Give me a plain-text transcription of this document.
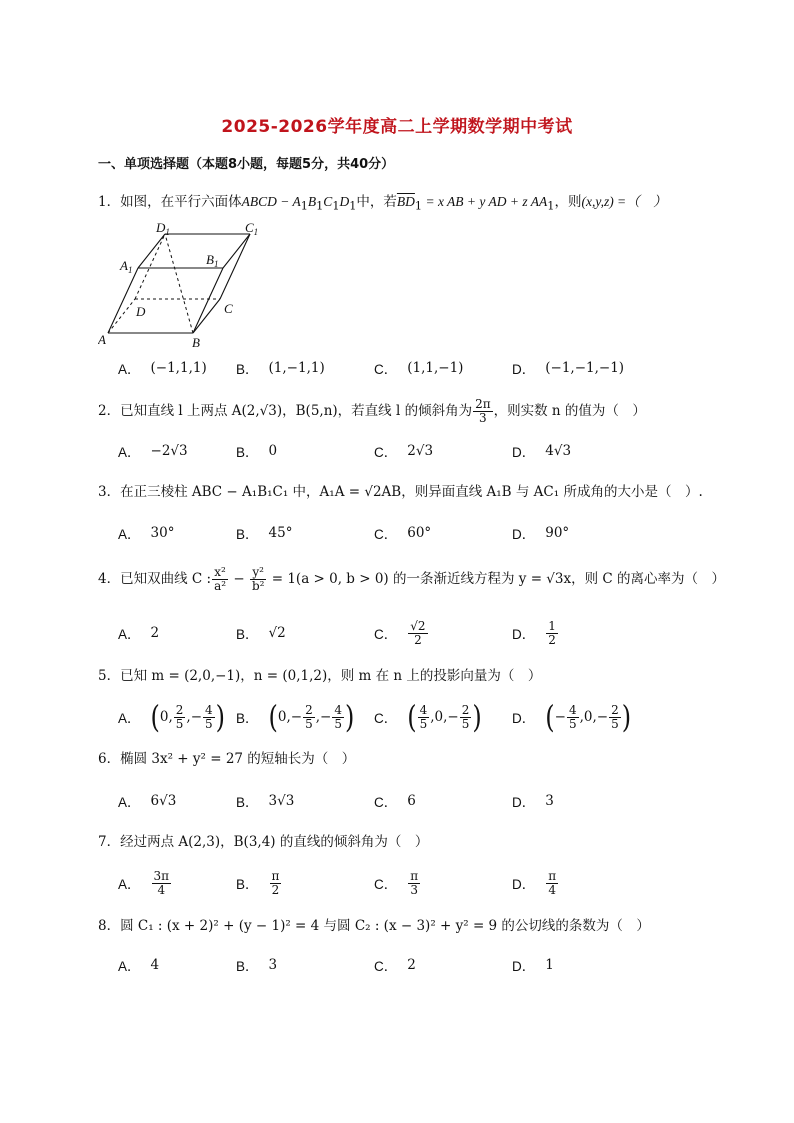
2025-2026学年度高二上学期数学期中考试
一、单项选择题（本题8小题，每题5分，共40分）
1．如图，在平行六面体ABCD − $A_1B_1C_1D_1$中，若$\overline{BD}_1 = x$ AB + y AD + z $AA_1$，则(x,y,z) =（　）
$D_1$	$C_1$
$A_1$
$B_1$
D	C
A	B
A． (−1,1,1) B． (1,−1,1)	C． (1,1,−1)	D． (−1,−1,−1)
2．已知直线 l 上两点 A(2,√3)，B(5,n)，若直线 l 的倾斜角为 $\frac{2\pi}{3}$ ，则实数 n 的值为（　）
A． −2√3	B． 0	C． 2√3	D． 4√3
3．在正三棱柱 ABC − A₁B₁C₁ 中，A₁A = √2AB，则异面直线 A₁B 与 AC₁ 所成角的大小是（　）.
A． 30°	B． 45°	C． 60°	D． 90°
4．已知双曲线 C : $\frac{\text{x²}}{\text{a²}} - \frac{\text{y²}}{\text{b²}} = 1(a > 0$, b > 0) 的一条渐近线方程为 y = √3x，则 C 的离心率为（　）
A． 2	B． √2	C． $\frac{√2}{2}$	D． $\frac{1}{2}$
5．已知 m = (2,0,−1)，n = (0,1,2)，则 m 在 n 上的投影向量为（　）
A． ( 0, $\frac{2}{5}$ ,− $\frac{4}{5}$ ) B． ( $0,- \frac{2}{5}$ ,− $\frac{4}{5}$ ) C． ( $\frac{4}{5} ,0,- \frac{2}{5}$ ) D． ( − $\frac{4}{5} ,0,- \frac{2}{5}$ )
6．椭圆 3x² + y² = 27 的短轴长为（　）
A． 6√3	B． 3√3	C． 6	D． 3
7．经过两点 A(2,3)，B(3,4) 的直线的倾斜角为（　）
A． $\frac{3\pi}{4}$	B． $\frac{\pi}{2}$	C． $\frac{\pi}{3}$	D． $\frac{\pi}{4}$
8．圆 C₁ : (x + 2)² + (y − 1)² = 4 与圆 C₂ : (x − 3)² + y² = 9 的公切线的条数为（　）
A． 4	B． 3	C． 2	D． 1
